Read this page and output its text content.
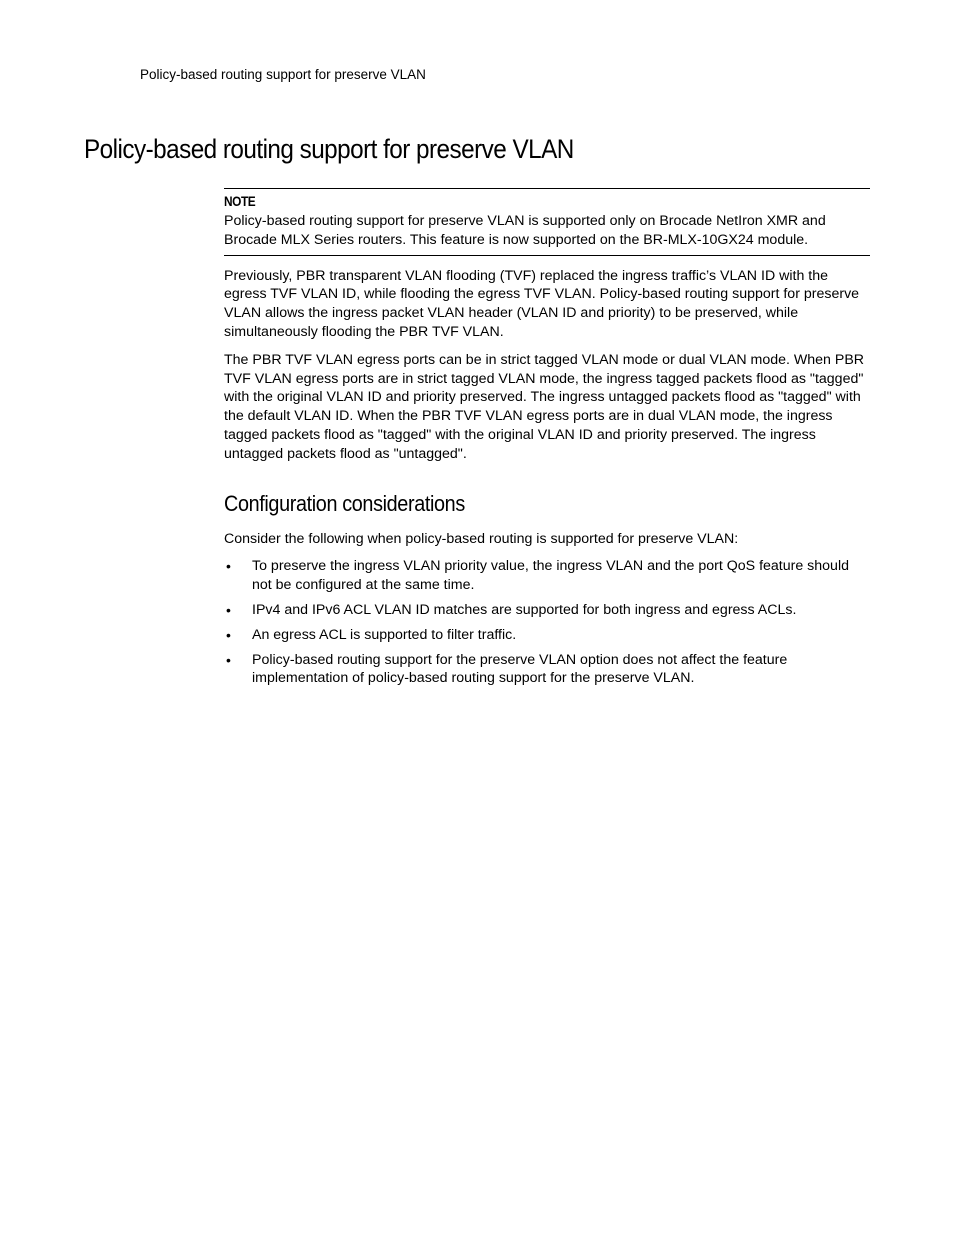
Policy-based routing support for preserve VLAN
Policy-based routing support for preserve VLAN
NOTE

Policy-based routing support for preserve VLAN is supported only on Brocade NetIron XMR and Brocade MLX Series routers. This feature is now supported on the BR-MLX-10GX24 module.

Previously, PBR transparent VLAN flooding (TVF) replaced the ingress traffic’s VLAN ID with the egress TVF VLAN ID, while flooding the egress TVF VLAN. Policy-based routing support for preserve VLAN allows the ingress packet VLAN header (VLAN ID and priority) to be preserved, while simultaneously flooding the PBR TVF VLAN.

The PBR TVF VLAN egress ports can be in strict tagged VLAN mode or dual VLAN mode. When PBR TVF VLAN egress ports are in strict tagged VLAN mode, the ingress tagged packets flood as "tagged" with the original VLAN ID and priority preserved. The ingress untagged packets flood as "tagged" with the default VLAN ID. When the PBR TVF VLAN egress ports are in dual VLAN mode, the ingress tagged packets flood as "tagged" with the original VLAN ID and priority preserved. The ingress untagged packets flood as "untagged".

Configuration considerations

Consider the following when policy-based routing is supported for preserve VLAN:

• To preserve the ingress VLAN priority value, the ingress VLAN and the port QoS feature should not be configured at the same time.
• IPv4 and IPv6 ACL VLAN ID matches are supported for both ingress and egress ACLs.
• An egress ACL is supported to filter traffic.
• Policy-based routing support for the preserve VLAN option does not affect the feature implementation of policy-based routing support for the preserve VLAN.
